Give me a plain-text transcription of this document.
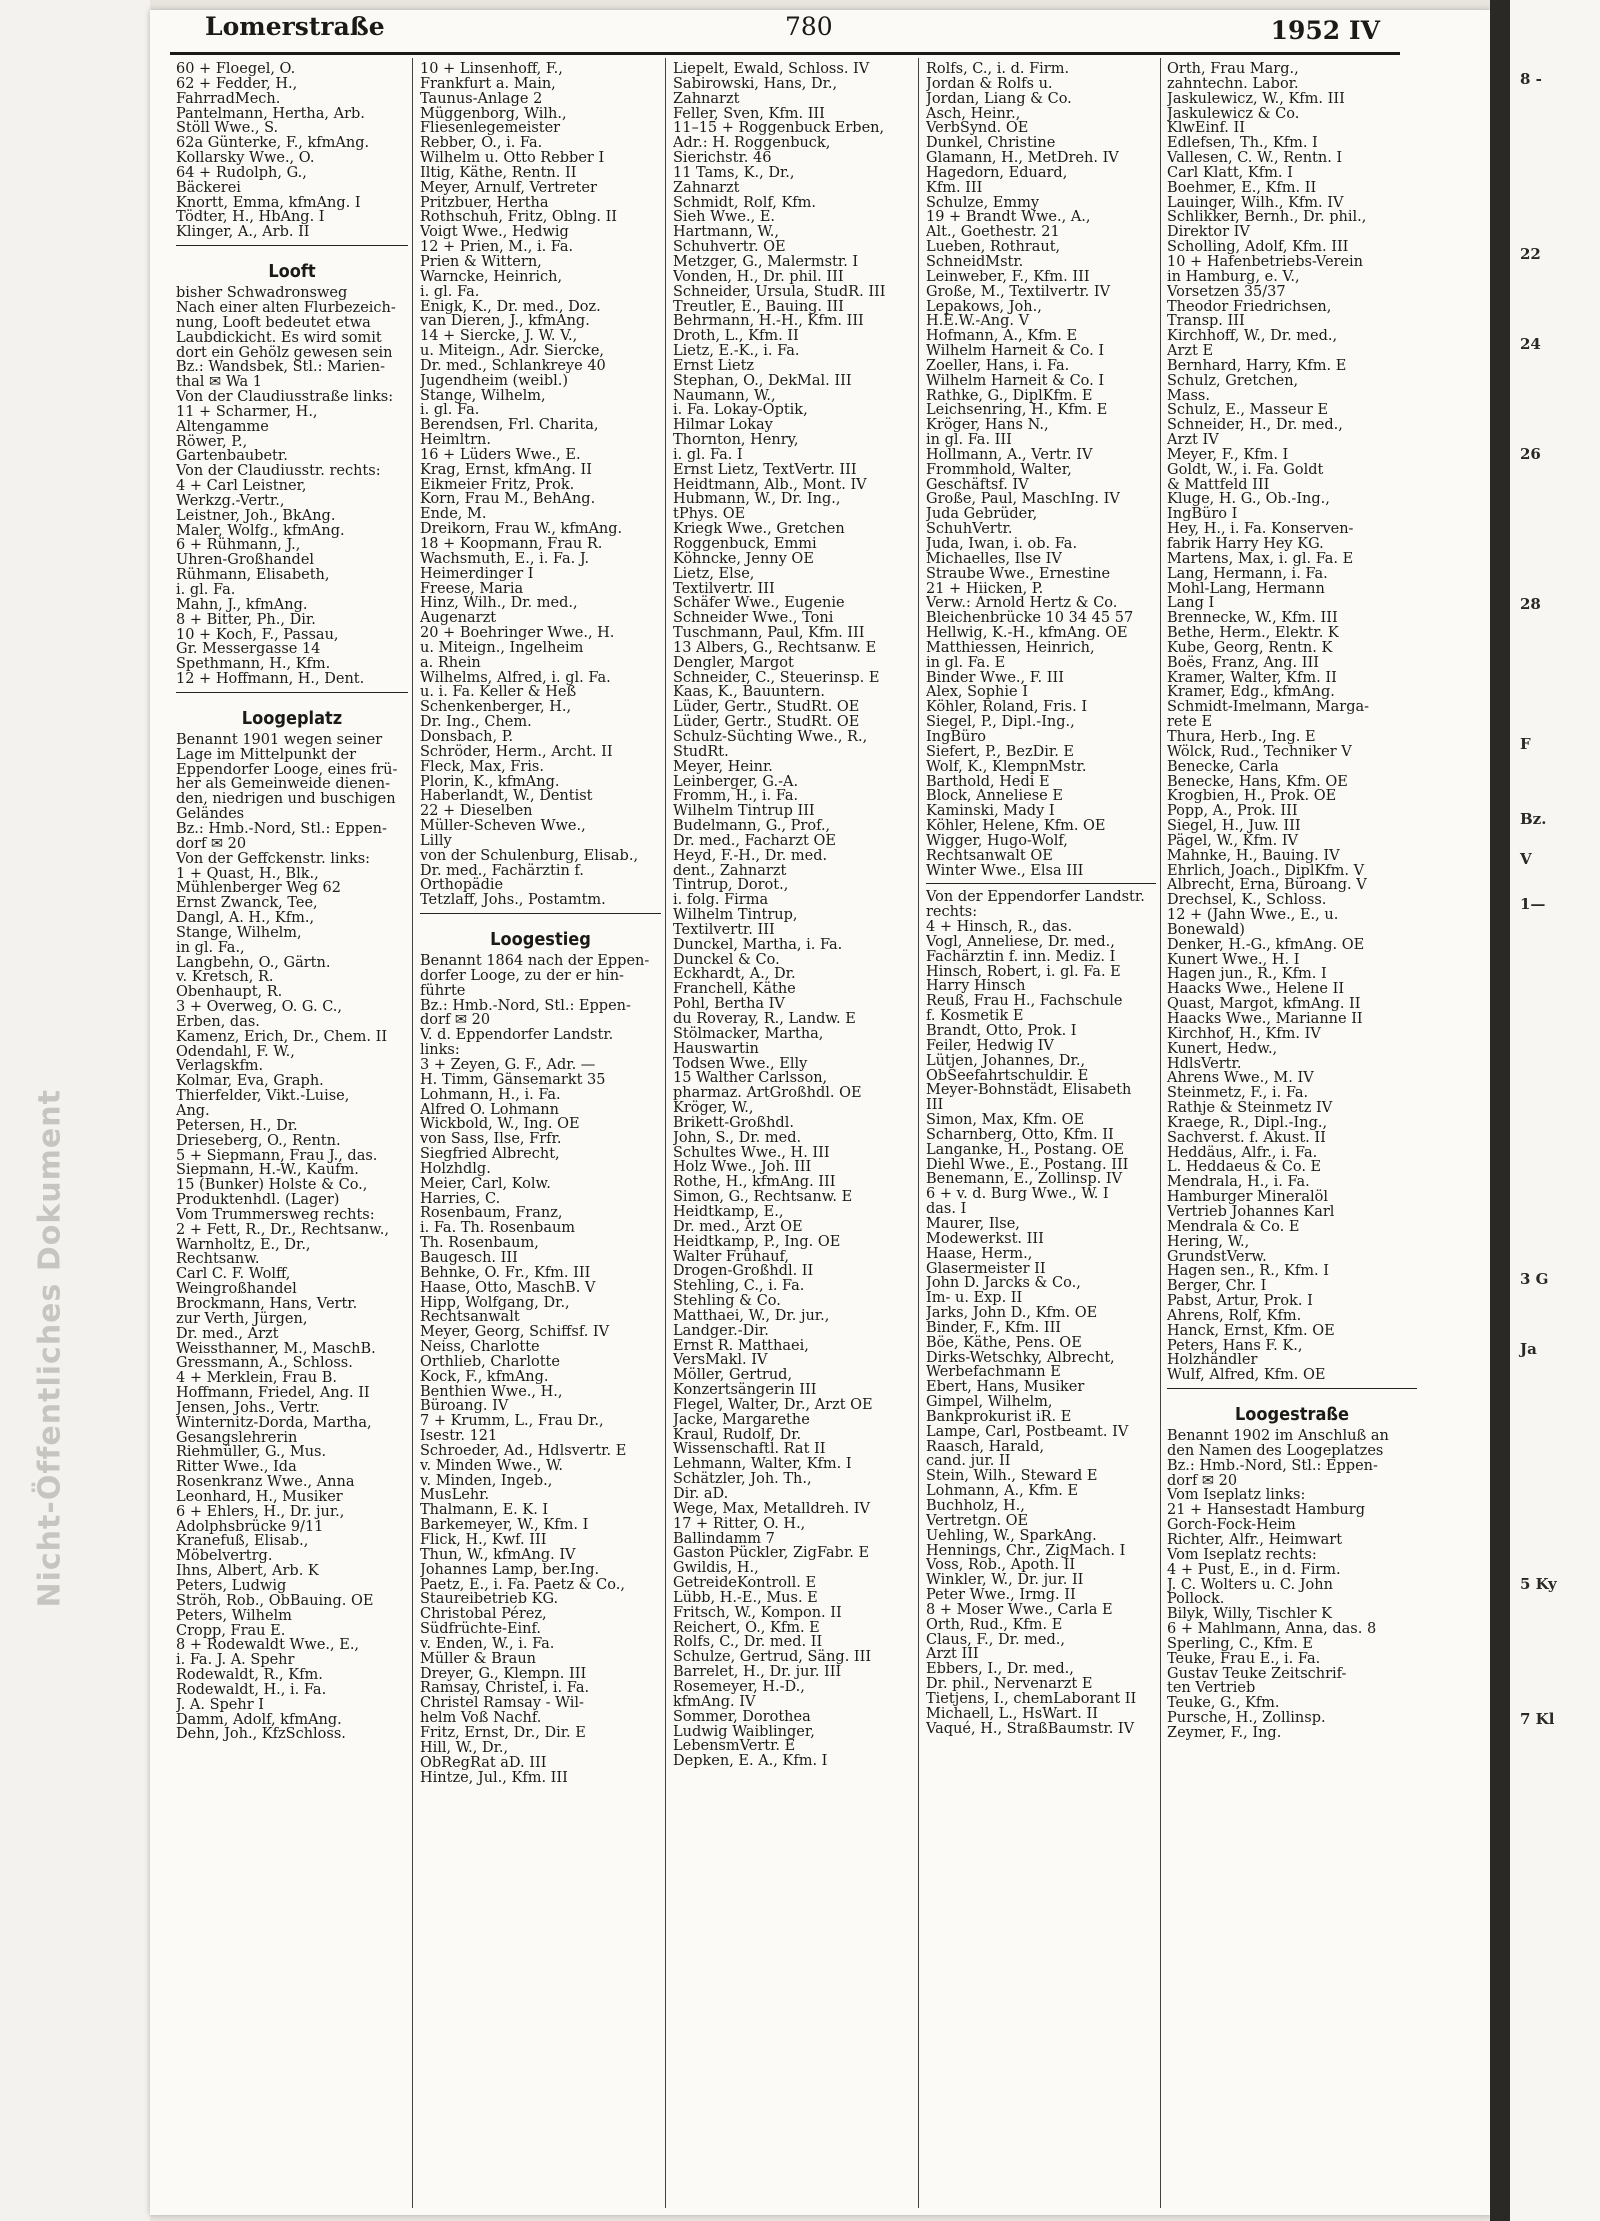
Nicht-Öffentliches Dokument
Lomerstraße	780	1952 IV
60 + Floegel, O.
62 + Fedder, H.,
FahrradMech.
Pantelmann, Hertha, Arb.
Stöll Wwe., S.
62a Günterke, F., kfmAng.
Kollarsky Wwe., O.
64 + Rudolph, G.,
Bäckerei
Knortt, Emma, kfmAng. I
Tödter, H., HbAng. I
Klinger, A., Arb. II
Looft
bisher Schwadronsweg
Nach einer alten Flurbezeich-
nung, Looft bedeutet etwa
Laubdickicht. Es wird somit
dort ein Gehölz gewesen sein
Bz.: Wandsbek, Stl.: Marien-
thal ✉ Wa 1
Von der Claudiusstraße links:
11 + Scharmer, H.,
Altengamme
Röwer, P.,
Gartenbaubetr.
Von der Claudiusstr. rechts:
4 + Carl Leistner,
Werkzg.-Vertr.,
Leistner, Joh., BkAng.
Maler, Wolfg., kfmAng.
6 + Rühmann, J.,
Uhren-Großhandel
Rühmann, Elisabeth,
i. gl. Fa.
Mahn, J., kfmAng.
8 + Bitter, Ph., Dir.
10 + Koch, F., Passau,
Gr. Messergasse 14
Spethmann, H., Kfm.
12 + Hoffmann, H., Dent.
Loogeplatz
Benannt 1901 wegen seiner
Lage im Mittelpunkt der
Eppendorfer Looge, eines frü-
her als Gemeinweide dienen-
den, niedrigen und buschigen
Geländes
Bz.: Hmb.-Nord, Stl.: Eppen-
dorf ✉ 20
Von der Geffckenstr. links:
1 + Quast, H., Blk.,
Mühlenberger Weg 62
Ernst Zwanck, Tee,
Dangl, A. H., Kfm.,
Stange, Wilhelm,
in gl. Fa.,
Langbehn, O., Gärtn.
v. Kretsch, R.
Obenhaupt, R.
3 + Overweg, O. G. C.,
Erben, das.
Kamenz, Erich, Dr., Chem. II
Odendahl, F. W.,
Verlagskfm.
Kolmar, Eva, Graph.
Thierfelder, Vikt.-Luise,
Ang.
Petersen, H., Dr.
Drieseberg, O., Rentn.
5 + Siepmann, Frau J., das.
Siepmann, H.-W., Kaufm.
15 (Bunker) Holste & Co.,
Produktenhdl. (Lager)
Vom Trummersweg rechts:
2 + Fett, R., Dr., Rechtsanw.,
Warnholtz, E., Dr.,
Rechtsanw.
Carl C. F. Wolff,
Weingroßhandel
Brockmann, Hans, Vertr.
zur Verth, Jürgen,
Dr. med., Arzt
Weissthanner, M., MaschB.
Gressmann, A., Schloss.
4 + Merklein, Frau B.
Hoffmann, Friedel, Ang. II
Jensen, Johs., Vertr.
Winternitz-Dorda, Martha,
Gesangslehrerin
Riehmüller, G., Mus.
Ritter Wwe., Ida
Rosenkranz Wwe., Anna
Leonhard, H., Musiker
6 + Ehlers, H., Dr. jur.,
Adolphsbrücke 9/11
Kranefuß, Elisab.,
Möbelvertrg.
Ihns, Albert, Arb. K
Peters, Ludwig
Ströh, Rob., ObBauing. OE
Peters, Wilhelm
Cropp, Frau E.
8 + Rodewaldt Wwe., E.,
i. Fa. J. A. Spehr
Rodewaldt, R., Kfm.
Rodewaldt, H., i. Fa.
J. A. Spehr I
Damm, Adolf, kfmAng.
Dehn, Joh., KfzSchloss.
10 + Linsenhoff, F.,
Frankfurt a. Main,
Taunus-Anlage 2
Müggenborg, Wilh.,
Fliesenlegemeister
Rebber, O., i. Fa.
Wilhelm u. Otto Rebber I
Iltig, Käthe, Rentn. II
Meyer, Arnulf, Vertreter
Pritzbuer, Hertha
Rothschuh, Fritz, Oblng. II
Voigt Wwe., Hedwig
12 + Prien, M., i. Fa.
Prien & Wittern,
Warncke, Heinrich,
i. gl. Fa.
Enigk, K., Dr. med., Doz.
van Dieren, J., kfmAng.
14 + Siercke, J. W. V.,
u. Miteign., Adr. Siercke,
Dr. med., Schlankreye 40
Jugendheim (weibl.)
Stange, Wilhelm,
i. gl. Fa.
Berendsen, Frl. Charita,
Heimltrn.
16 + Lüders Wwe., E.
Krag, Ernst, kfmAng. II
Eikmeier Fritz, Prok.
Korn, Frau M., BehAng.
Ende, M.
Dreikorn, Frau W., kfmAng.
18 + Koopmann, Frau R.
Wachsmuth, E., i. Fa. J.
Heimerdinger I
Freese, Maria
Hinz, Wilh., Dr. med.,
Augenarzt
20 + Boehringer Wwe., H.
u. Miteign., Ingelheim
a. Rhein
Wilhelms, Alfred, i. gl. Fa.
u. i. Fa. Keller & Heß
Schenkenberger, H.,
Dr. Ing., Chem.
Donsbach, P.
Schröder, Herm., Archt. II
Fleck, Max, Fris.
Plorin, K., kfmAng.
Haberlandt, W., Dentist
22 + Dieselben
Müller-Scheven Wwe.,
Lilly
von der Schulenburg, Elisab.,
Dr. med., Fachärztin f.
Orthopädie
Tetzlaff, Johs., Postamtm.
Loogestieg
Benannt 1864 nach der Eppen-
dorfer Looge, zu der er hin-
führte
Bz.: Hmb.-Nord, Stl.: Eppen-
dorf ✉ 20
V. d. Eppendorfer Landstr.
links:
3 + Zeyen, G. F., Adr. —
H. Timm, Gänsemarkt 35
Lohmann, H., i. Fa.
Alfred O. Lohmann
Wickbold, W., Ing. OE
von Sass, Ilse, Frfr.
Siegfried Albrecht,
Holzhdlg.
Meier, Carl, Kolw.
Harries, C.
Rosenbaum, Franz,
i. Fa. Th. Rosenbaum
Th. Rosenbaum,
Baugesch. III
Behnke, O. Fr., Kfm. III
Haase, Otto, MaschB. V
Hipp, Wolfgang, Dr.,
Rechtsanwalt
Meyer, Georg, Schiffsf. IV
Neiss, Charlotte
Orthlieb, Charlotte
Kock, F., kfmAng.
Benthien Wwe., H.,
Büroang. IV
7 + Krumm, L., Frau Dr.,
Isestr. 121
Schroeder, Ad., Hdlsvertr. E
v. Minden Wwe., W.
v. Minden, Ingeb.,
MusLehr.
Thalmann, E. K. I
Barkemeyer, W., Kfm. I
Flick, H., Kwf. III
Thun, W., kfmAng. IV
Johannes Lamp, ber.Ing.
Paetz, E., i. Fa. Paetz & Co.,
Staureibetrieb KG.
Christobal Pérez,
Südfrüchte-Einf.
v. Enden, W., i. Fa.
Müller & Braun
Dreyer, G., Klempn. III
Ramsay, Christel, i. Fa.
Christel Ramsay - Wil-
helm Voß Nachf.
Fritz, Ernst, Dr., Dir. E
Hill, W., Dr.,
ObRegRat aD. III
Hintze, Jul., Kfm. III
Liepelt, Ewald, Schloss. IV
Sabirowski, Hans, Dr.,
Zahnarzt
Feller, Sven, Kfm. III
11–15 + Roggenbuck Erben,
Adr.: H. Roggenbuck,
Sierichstr. 46
11 Tams, K., Dr.,
Zahnarzt
Schmidt, Rolf, Kfm.
Sieh Wwe., E.
Hartmann, W.,
Schuhvertr. OE
Metzger, G., Malermstr. I
Vonden, H., Dr. phil. III
Schneider, Ursula, StudR. III
Treutler, E., Bauing. III
Behrmann, H.-H., Kfm. III
Droth, L., Kfm. II
Lietz, E.-K., i. Fa.
Ernst Lietz
Stephan, O., DekMal. III
Naumann, W.,
i. Fa. Lokay-Optik,
Hilmar Lokay
Thornton, Henry,
i. gl. Fa. I
Ernst Lietz, TextVertr. III
Heidtmann, Alb., Mont. IV
Hubmann, W., Dr. Ing.,
tPhys. OE
Kriegk Wwe., Gretchen
Roggenbuck, Emmi
Köhncke, Jenny OE
Lietz, Else,
Textilvertr. III
Schäfer Wwe., Eugenie
Schneider Wwe., Toni
Tuschmann, Paul, Kfm. III
13 Albers, G., Rechtsanw. E
Dengler, Margot
Schneider, C., Steuerinsp. E
Kaas, K., Bauuntern.
Lüder, Gertr., StudRt. OE
Lüder, Gertr., StudRt. OE
Schulz-Süchting Wwe., R.,
StudRt.
Meyer, Heinr.
Leinberger, G.-A.
Fromm, H., i. Fa.
Wilhelm Tintrup III
Budelmann, G., Prof.,
Dr. med., Facharzt OE
Heyd, F.-H., Dr. med.
dent., Zahnarzt
Tintrup, Dorot.,
i. folg. Firma
Wilhelm Tintrup,
Textilvertr. III
Dunckel, Martha, i. Fa.
Dunckel & Co.
Eckhardt, A., Dr.
Franchell, Käthe
Pohl, Bertha IV
du Roveray, R., Landw. E
Stölmacker, Martha,
Hauswartin
Todsen Wwe., Elly
15 Walther Carlsson,
pharmaz. ArtGroßhdl. OE
Kröger, W.,
Brikett-Großhdl.
John, S., Dr. med.
Schultes Wwe., H. III
Holz Wwe., Joh. III
Rothe, H., kfmAng. III
Simon, G., Rechtsanw. E
Heidtkamp, E.,
Dr. med., Arzt OE
Heidtkamp, P., Ing. OE
Walter Frühauf,
Drogen-Großhdl. II
Stehling, C., i. Fa.
Stehling & Co.
Matthaei, W., Dr. jur.,
Landger.-Dir.
Ernst R. Matthaei,
VersMakl. IV
Möller, Gertrud,
Konzertsängerin III
Flegel, Walter, Dr., Arzt OE
Jacke, Margarethe
Kraul, Rudolf, Dr.
Wissenschaftl. Rat II
Lehmann, Walter, Kfm. I
Schätzler, Joh. Th.,
Dir. aD.
Wege, Max, Metalldreh. IV
17 + Ritter, O. H.,
Ballindamm 7
Gaston Pückler, ZigFabr. E
Gwildis, H.,
GetreideKontroll. E
Lübb, H.-E., Mus. E
Fritsch, W., Kompon. II
Reichert, O., Kfm. E
Rolfs, C., Dr. med. II
Schulze, Gertrud, Säng. III
Barrelet, H., Dr. jur. III
Rosemeyer, H.-D.,
kfmAng. IV
Sommer, Dorothea
Ludwig Waiblinger,
LebensmVertr. E
Depken, E. A., Kfm. I
Rolfs, C., i. d. Firm.
Jordan & Rolfs u.
Jordan, Liang & Co.
Asch, Heinr.,
VerbSynd. OE
Dunkel, Christine
Glamann, H., MetDreh. IV
Hagedorn, Eduard,
Kfm. III
Schulze, Emmy
19 + Brandt Wwe., A.,
Alt., Goethestr. 21
Lueben, Rothraut,
SchneidMstr.
Leinweber, F., Kfm. III
Große, M., Textilvertr. IV
Lepakows, Joh.,
H.E.W.-Ang. V
Hofmann, A., Kfm. E
Wilhelm Harneit & Co. I
Zoeller, Hans, i. Fa.
Wilhelm Harneit & Co. I
Rathke, G., DiplKfm. E
Leichsenring, H., Kfm. E
Kröger, Hans N.,
in gl. Fa. III
Hollmann, A., Vertr. IV
Frommhold, Walter,
Geschäftsf. IV
Große, Paul, MaschIng. IV
Juda Gebrüder,
SchuhVertr.
Juda, Iwan, i. ob. Fa.
Michaelles, Ilse IV
Straube Wwe., Ernestine
21 + Hiicken, P.
Verw.: Arnold Hertz & Co.
Bleichenbrücke 10 34 45 57
Hellwig, K.-H., kfmAng. OE
Matthiessen, Heinrich,
in gl. Fa. E
Binder Wwe., F. III
Alex, Sophie I
Köhler, Roland, Fris. I
Siegel, P., Dipl.-Ing.,
IngBüro
Siefert, P., BezDir. E
Wolf, K., KlempnMstr.
Barthold, Hedi E
Block, Anneliese E
Kaminski, Mady I
Köhler, Helene, Kfm. OE
Wigger, Hugo-Wolf,
Rechtsanwalt OE
Winter Wwe., Elsa III
Von der Eppendorfer Landstr.
rechts:
4 + Hinsch, R., das.
Vogl, Anneliese, Dr. med.,
Fachärztin f. inn. Mediz. I
Hinsch, Robert, i. gl. Fa. E
Harry Hinsch
Reuß, Frau H., Fachschule
f. Kosmetik E
Brandt, Otto, Prok. I
Feiler, Hedwig IV
Lütjen, Johannes, Dr.,
ObSeefahrtschuldir. E
Meyer-Bohnstädt, Elisabeth
III
Simon, Max, Kfm. OE
Scharnberg, Otto, Kfm. II
Langanke, H., Postang. OE
Diehl Wwe., E., Postang. III
Benemann, E., Zollinsp. IV
6 + v. d. Burg Wwe., W. I
das. I
Maurer, Ilse,
Modewerkst. III
Haase, Herm.,
Glasermeister II
John D. Jarcks & Co.,
Im- u. Exp. II
Jarks, John D., Kfm. OE
Binder, F., Kfm. III
Böe, Käthe, Pens. OE
Dirks-Wetschky, Albrecht,
Werbefachmann E
Ebert, Hans, Musiker
Gimpel, Wilhelm,
Bankprokurist iR. E
Lampe, Carl, Postbeamt. IV
Raasch, Harald,
cand. jur. II
Stein, Wilh., Steward E
Lohmann, A., Kfm. E
Buchholz, H.,
Vertretgn. OE
Uehling, W., SparkAng.
Hennings, Chr., ZigMach. I
Voss, Rob., Apoth. II
Winkler, W., Dr. jur. II
Peter Wwe., Irmg. II
8 + Moser Wwe., Carla E
Orth, Rud., Kfm. E
Claus, F., Dr. med.,
Arzt III
Ebbers, I., Dr. med.,
Dr. phil., Nervenarzt E
Tietjens, I., chemLaborant II
Michaell, L., HsWart. II
Vaqué, H., StraßBaumstr. IV
Orth, Frau Marg.,
zahntechn. Labor.
Jaskulewicz, W., Kfm. III
Jaskulewicz & Co.
KlwEinf. II
Edlefsen, Th., Kfm. I
Vallesen, C. W., Rentn. I
Carl Klatt, Kfm. I
Boehmer, E., Kfm. II
Lauinger, Wilh., Kfm. IV
Schlikker, Bernh., Dr. phil.,
Direktor IV
Scholling, Adolf, Kfm. III
10 + Hafenbetriebs-Verein
in Hamburg, e. V.,
Vorsetzen 35/37
Theodor Friedrichsen,
Transp. III
Kirchhoff, W., Dr. med.,
Arzt E
Bernhard, Harry, Kfm. E
Schulz, Gretchen,
Mass.
Schulz, E., Masseur E
Schneider, H., Dr. med.,
Arzt IV
Meyer, F., Kfm. I
Goldt, W., i. Fa. Goldt
& Mattfeld III
Kluge, H. G., Ob.-Ing.,
IngBüro I
Hey, H., i. Fa. Konserven-
fabrik Harry Hey KG.
Martens, Max, i. gl. Fa. E
Lang, Hermann, i. Fa.
Mohl-Lang, Hermann
Lang I
Brennecke, W., Kfm. III
Bethe, Herm., Elektr. K
Kube, Georg, Rentn. K
Boës, Franz, Ang. III
Kramer, Walter, Kfm. II
Kramer, Edg., kfmAng.
Schmidt-Imelmann, Marga-
rete E
Thura, Herb., Ing. E
Wölck, Rud., Techniker V
Benecke, Carla
Benecke, Hans, Kfm. OE
Krogbien, H., Prok. OE
Popp, A., Prok. III
Siegel, H., Juw. III
Pägel, W., Kfm. IV
Mahnke, H., Bauing. IV
Ehrlich, Joach., DiplKfm. V
Albrecht, Erna, Büroang. V
Drechsel, K., Schloss.
12 + (Jahn Wwe., E., u.
Bonewald)
Denker, H.-G., kfmAng. OE
Kunert Wwe., H. I
Hagen jun., R., Kfm. I
Haacks Wwe., Helene II
Quast, Margot, kfmAng. II
Haacks Wwe., Marianne II
Kirchhof, H., Kfm. IV
Kunert, Hedw.,
HdlsVertr.
Ahrens Wwe., M. IV
Steinmetz, F., i. Fa.
Rathje & Steinmetz IV
Kraege, R., Dipl.-Ing.,
Sachverst. f. Akust. II
Heddäus, Alfr., i. Fa.
L. Heddaeus & Co. E
Mendrala, H., i. Fa.
Hamburger Mineralöl
Vertrieb Johannes Karl
Mendrala & Co. E
Hering, W.,
GrundstVerw.
Hagen sen., R., Kfm. I
Berger, Chr. I
Pabst, Artur, Prok. I
Ahrens, Rolf, Kfm.
Hanck, Ernst, Kfm. OE
Peters, Hans F. K.,
Holzhändler
Wulf, Alfred, Kfm. OE
Loogestraße
Benannt 1902 im Anschluß an
den Namen des Loogeplatzes
Bz.: Hmb.-Nord, Stl.: Eppen-
dorf ✉ 20
Vom Iseplatz links:
21 + Hansestadt Hamburg
Gorch-Fock-Heim
Richter, Alfr., Heimwart
Vom Iseplatz rechts:
4 + Pust, E., in d. Firm.
J. C. Wolters u. C. John
Pollock.
Bilyk, Willy, Tischler K
6 + Mahlmann, Anna, das. 8
Sperling, C., Kfm. E
Teuke, Frau E., i. Fa.
Gustav Teuke Zeitschrif-
ten Vertrieb
Teuke, G., Kfm.
Pursche, H., Zollinsp.
Zeymer, F., Ing.
8 -
22
24
26
28
F
Bz.
V
1—
3 G
Ja
5 Ky
7 Kl
